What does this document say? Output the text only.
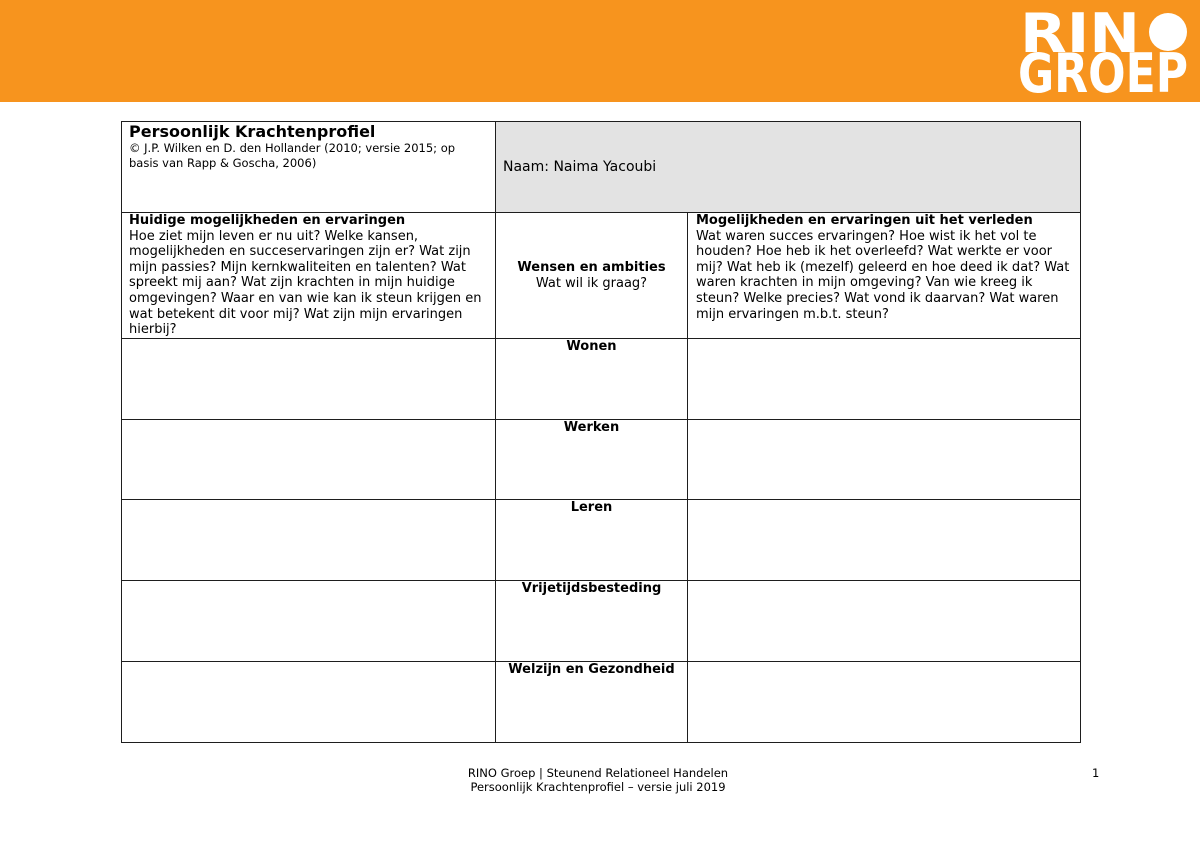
RIN
GROEP
Persoonlijk Krachtenprofiel
© J.P. Wilken en D. den Hollander (2010; versie 2015; op
basis van Rapp & Goscha, 2006)	Naam:
Naima Yacoubi
Huidige mogelijkheden en ervaringen
Hoe ziet mijn leven er nu uit? Welke kansen,
mogelijkheden en succeservaringen zijn er? Wat zijn
mijn passies? Mijn kernkwaliteiten en talenten? Wat
spreekt mij aan? Wat zijn krachten in mijn huidige
omgevingen? Waar en van wie kan ik steun krijgen en
wat betekent dit voor mij? Wat zijn mijn ervaringen
hierbij?
Wensen en ambities
Wat wil ik graag?
Mogelijkheden en ervaringen uit het verleden
Wat waren succes ervaringen? Hoe wist ik het vol te
houden? Hoe heb ik het overleefd? Wat werkte er voor
mij? Wat heb ik (mezelf) geleerd en hoe deed ik dat? Wat
waren krachten in mijn omgeving? Van wie kreeg ik
steun? Welke precies? Wat vond ik daarvan? Wat waren
mijn ervaringen m.b.t. steun?
Wonen
Werken
Leren
Vrijetijdsbesteding
Welzijn en Gezondheid
RINO Groep | Steunend Relationeel Handelen
Persoonlijk Krachtenprofiel – versie juli 2019
1
